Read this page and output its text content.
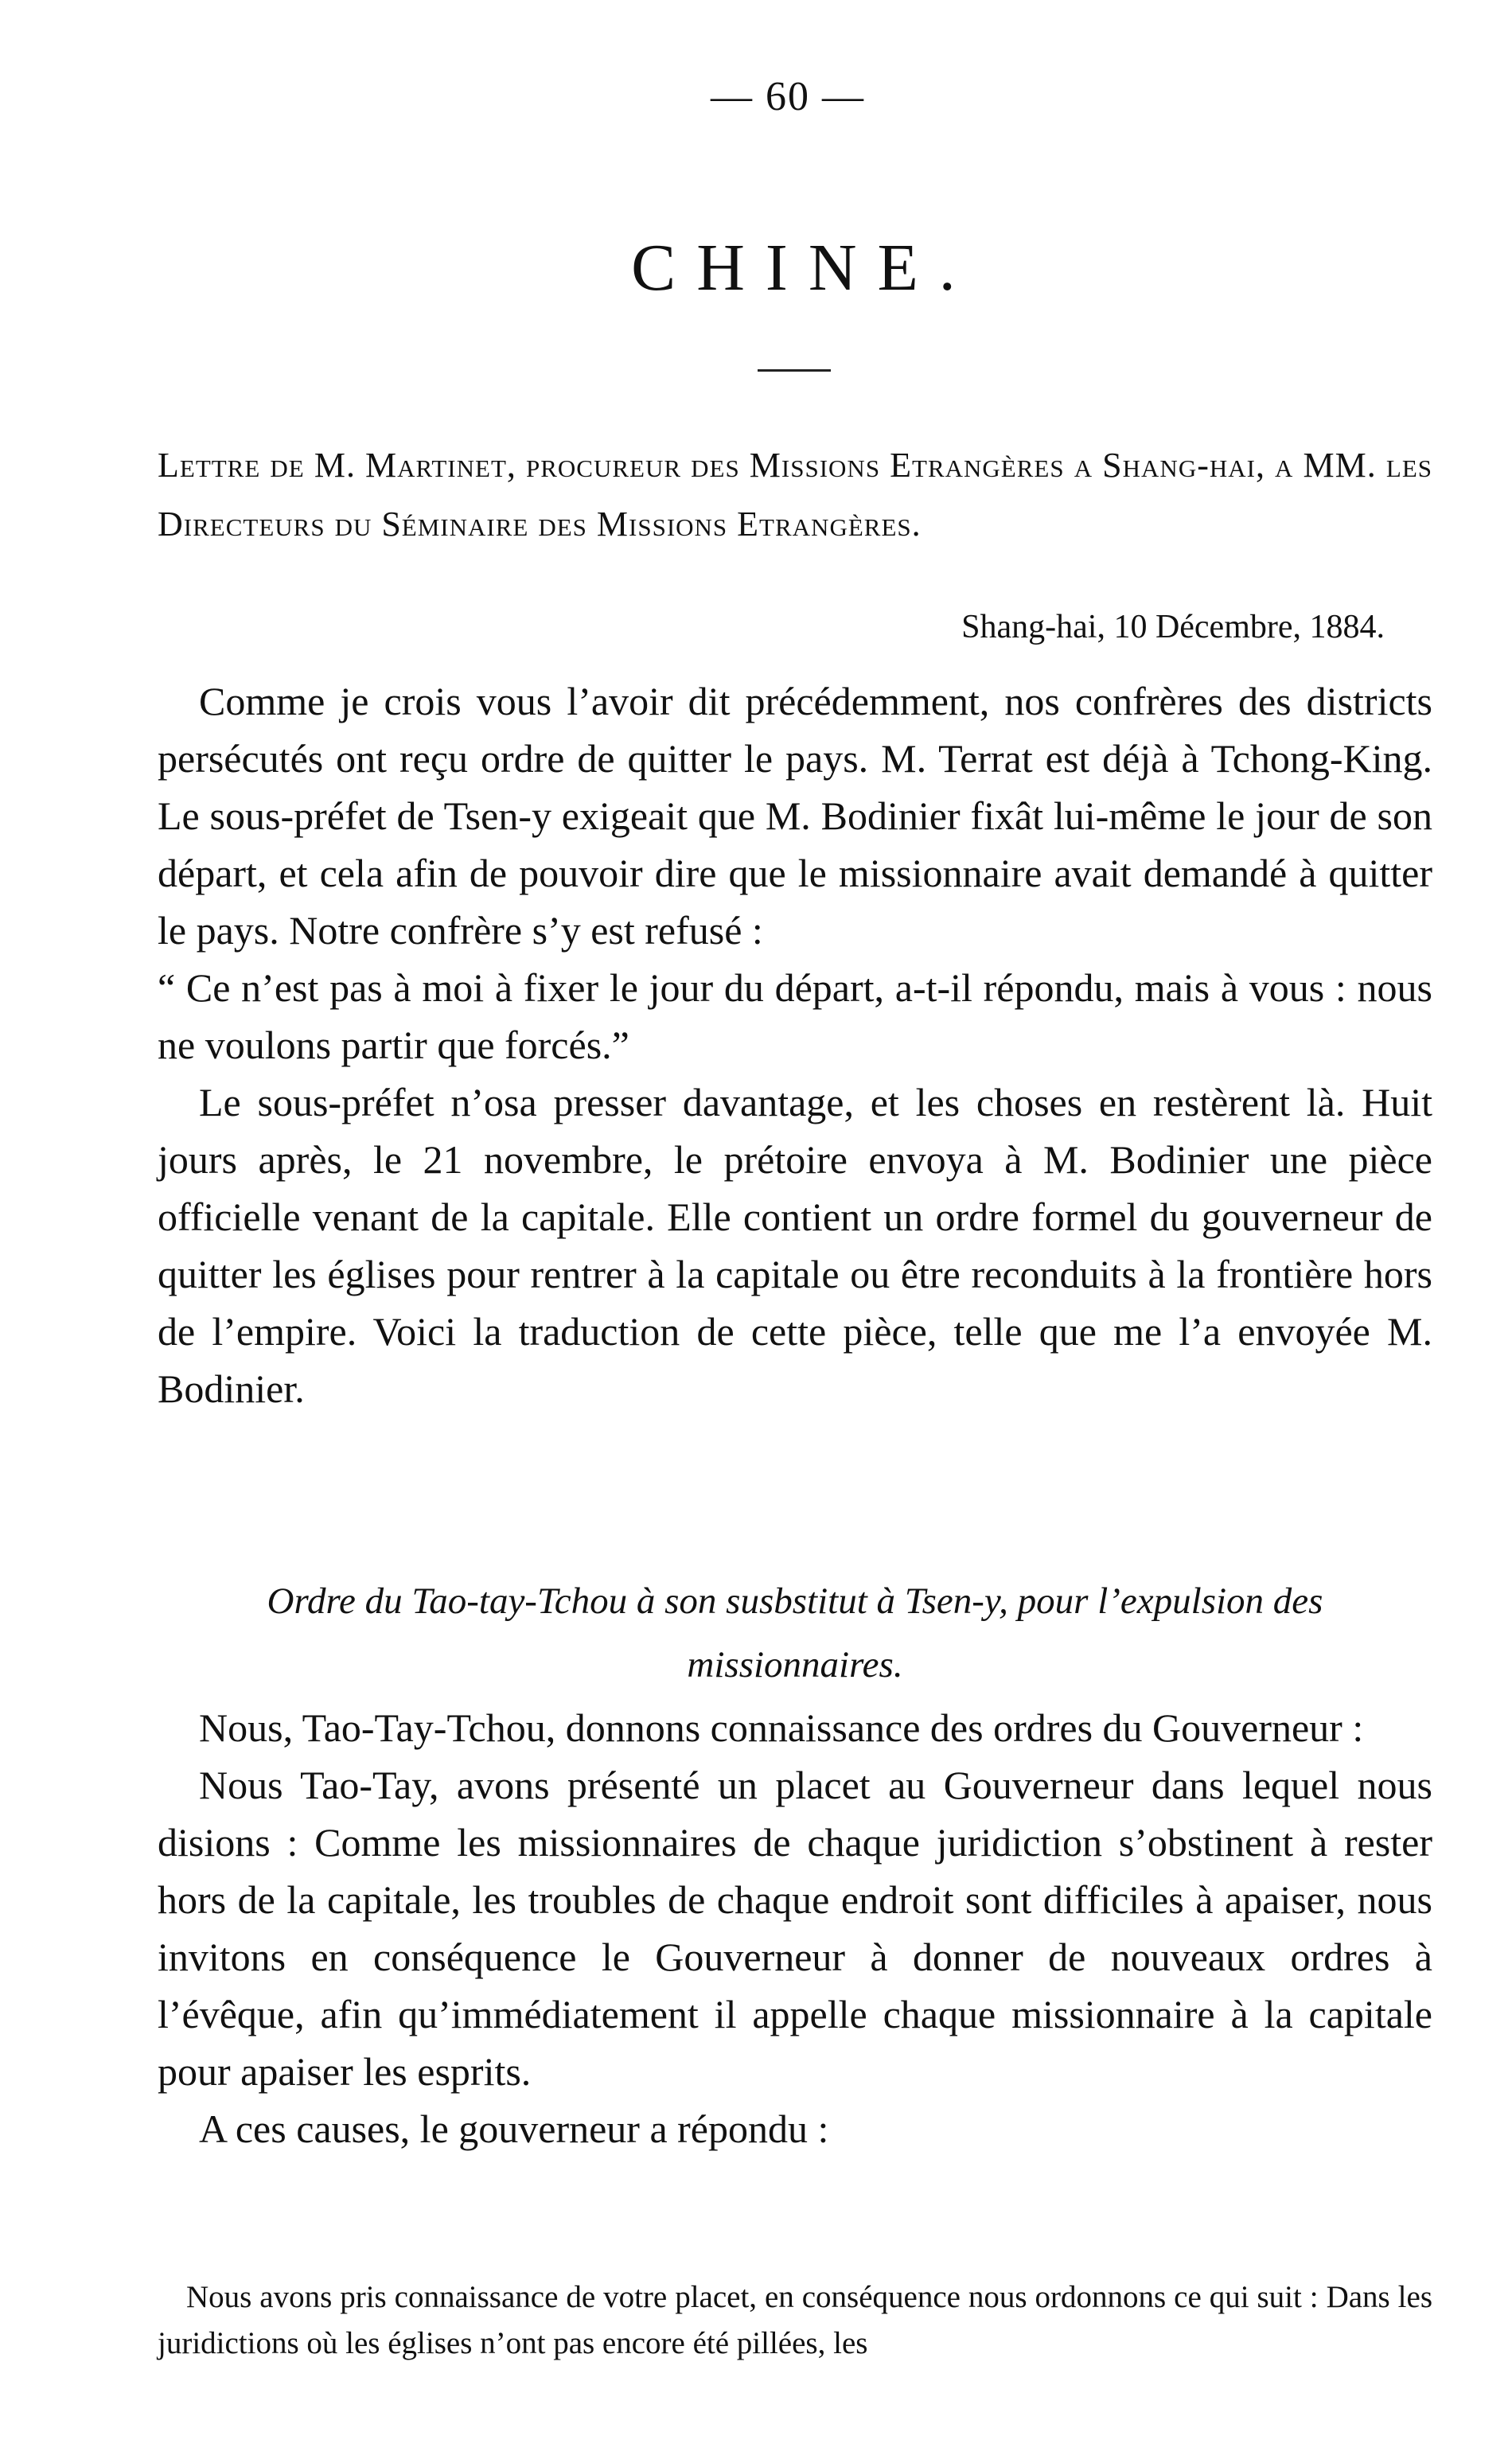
— 60 —
CHINE.
Lettre de M. Martinet, procureur des Missions Etrangères a Shang-hai, a MM. les Directeurs du Séminaire des Missions Etrangères.
Shang-hai, 10 Décembre, 1884.

Comme je crois vous l’avoir dit précédemment, nos confrères des districts persécutés ont reçu ordre de quitter le pays. M. Terrat est déjà à Tchong-King. Le sous-préfet de Tsen-y exigeait que M. Bodinier fixât lui-même le jour de son départ, et cela afin de pouvoir dire que le missionnaire avait demandé à quitter le pays. Notre confrère s’y est refusé :

“ Ce n’est pas à moi à fixer le jour du départ, a-t-il répondu, mais à vous : nous ne voulons partir que forcés.”

Le sous-préfet n’osa presser davantage, et les choses en restèrent là. Huit jours après, le 21 novembre, le prétoire envoya à M. Bodinier une pièce officielle venant de la capitale. Elle contient un ordre formel du gouverneur de quitter les églises pour rentrer à la capitale ou être reconduits à la frontière hors de l’empire. Voici la traduction de cette pièce, telle que me l’a envoyée M. Bodinier.

Ordre du Tao-tay-Tchou à son susbstitut à Tsen-y, pour l’expulsion des missionnaires.

Nous, Tao-Tay-Tchou, donnons connaissance des ordres du Gouverneur :

Nous Tao-Tay, avons présenté un placet au Gouverneur dans lequel nous disions : Comme les missionnaires de chaque juridiction s’obstinent à rester hors de la capitale, les troubles de chaque endroit sont difficiles à apaiser, nous invitons en conséquence le Gouverneur à donner de nouveaux ordres à l’évêque, afin qu’immédiatement il appelle chaque missionnaire à la capitale pour apaiser les esprits.

A ces causes, le gouverneur a répondu :

Nous avons pris connaissance de votre placet, en conséquence nous ordonnons ce qui suit : Dans les juridictions où les églises n’ont pas encore été pillées, les
